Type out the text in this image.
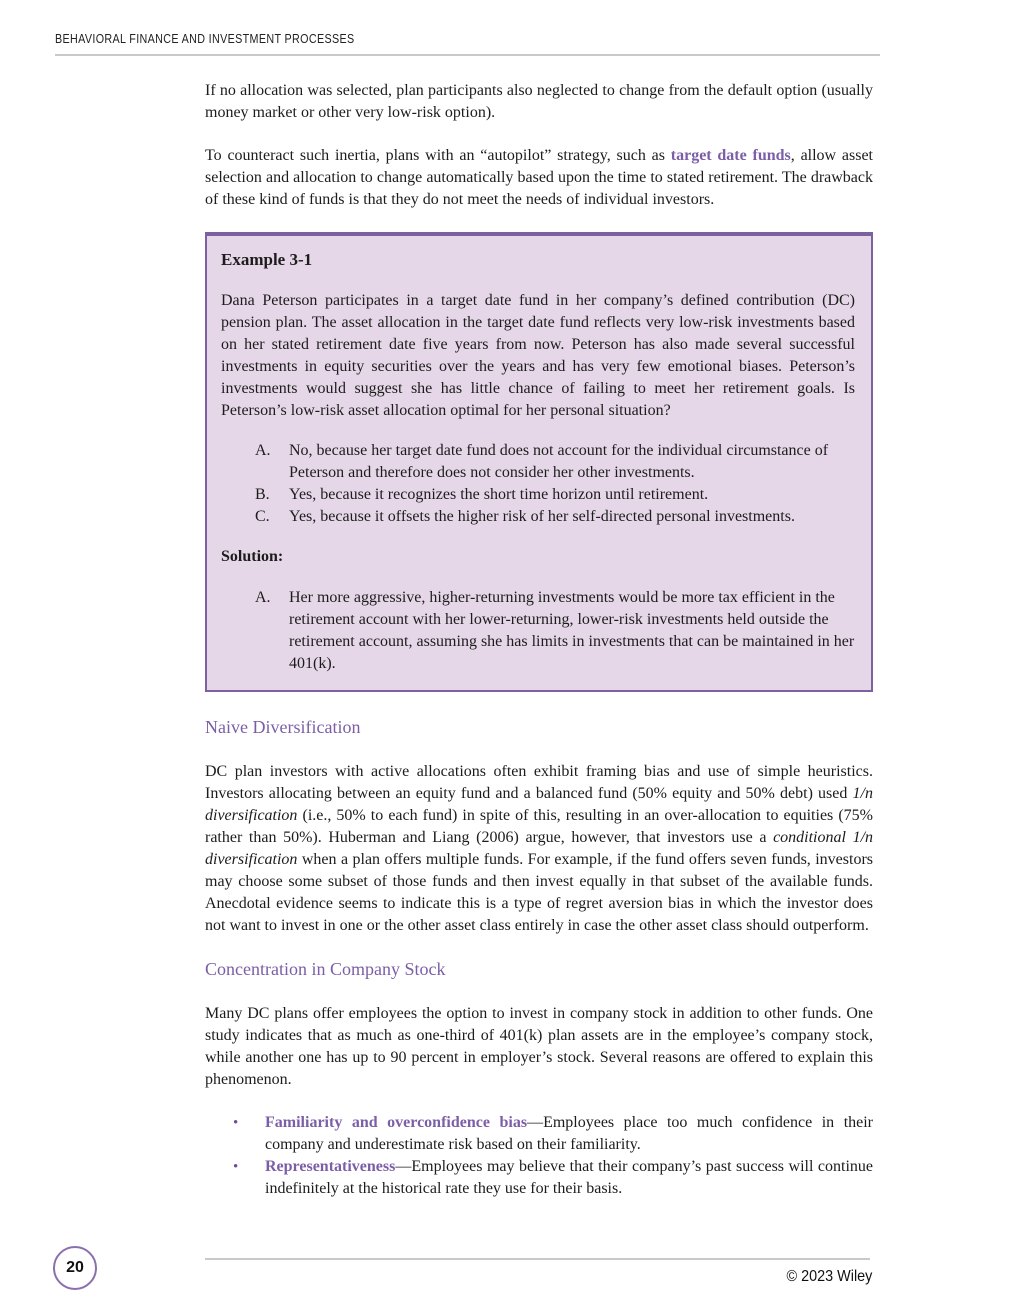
BEHAVIORAL FINANCE AND INVESTMENT PROCESSES

If no allocation was selected, plan participants also neglected to change from the default option (usually money market or other very low-risk option).

To counteract such inertia, plans with an “autopilot” strategy, such as target date funds, allow asset selection and allocation to change automatically based upon the time to stated retirement. The drawback of these kind of funds is that they do not meet the needs of individual investors.

Example 3-1
Dana Peterson participates in a target date fund in her company’s defined contribution (DC) pension plan. The asset allocation in the target date fund reflects very low-risk investments based on her stated retirement date five years from now. Peterson has also made several successful investments in equity securities over the years and has very few emotional biases. Peterson’s investments would suggest she has little chance of failing to meet her retirement goals. Is Peterson’s low-risk asset allocation optimal for her personal situation?
A.	No, because her target date fund does not account for the individual circumstance of Peterson and therefore does not consider her other investments.
B.	Yes, because it recognizes the short time horizon until retirement.
C.	Yes, because it offsets the higher risk of her self-directed personal investments.
Solution:
A.	Her more aggressive, higher-returning investments would be more tax efficient in the retirement account with her lower-returning, lower-risk investments held outside the retirement account, assuming she has limits in investments that can be maintained in her 401(k).
Naive Diversification

DC plan investors with active allocations often exhibit framing bias and use of simple heuristics. Investors allocating between an equity fund and a balanced fund (50% equity and 50% debt) used 1/n diversification (i.e., 50% to each fund) in spite of this, resulting in an over-allocation to equities (75% rather than 50%). Huberman and Liang (2006) argue, however, that investors use a conditional 1/n diversification when a plan offers multiple funds. For example, if the fund offers seven funds, investors may choose some subset of those funds and then invest equally in that subset of the available funds. Anecdotal evidence seems to indicate this is a type of regret aversion bias in which the investor does not want to invest in one or the other asset class entirely in case the other asset class should outperform.

Concentration in Company Stock

Many DC plans offer employees the option to invest in company stock in addition to other funds. One study indicates that as much as one-third of 401(k) plan assets are in the employee’s company stock, while another one has up to 90 percent in employer’s stock. Several reasons are offered to explain this phenomenon.

•	Familiarity and overconfidence bias—Employees place too much confidence in their company and underestimate risk based on their familiarity.
•	Representativeness—Employees may believe that their company’s past success will continue indefinitely at the historical rate they use for their basis.
20
© 2023 Wiley
